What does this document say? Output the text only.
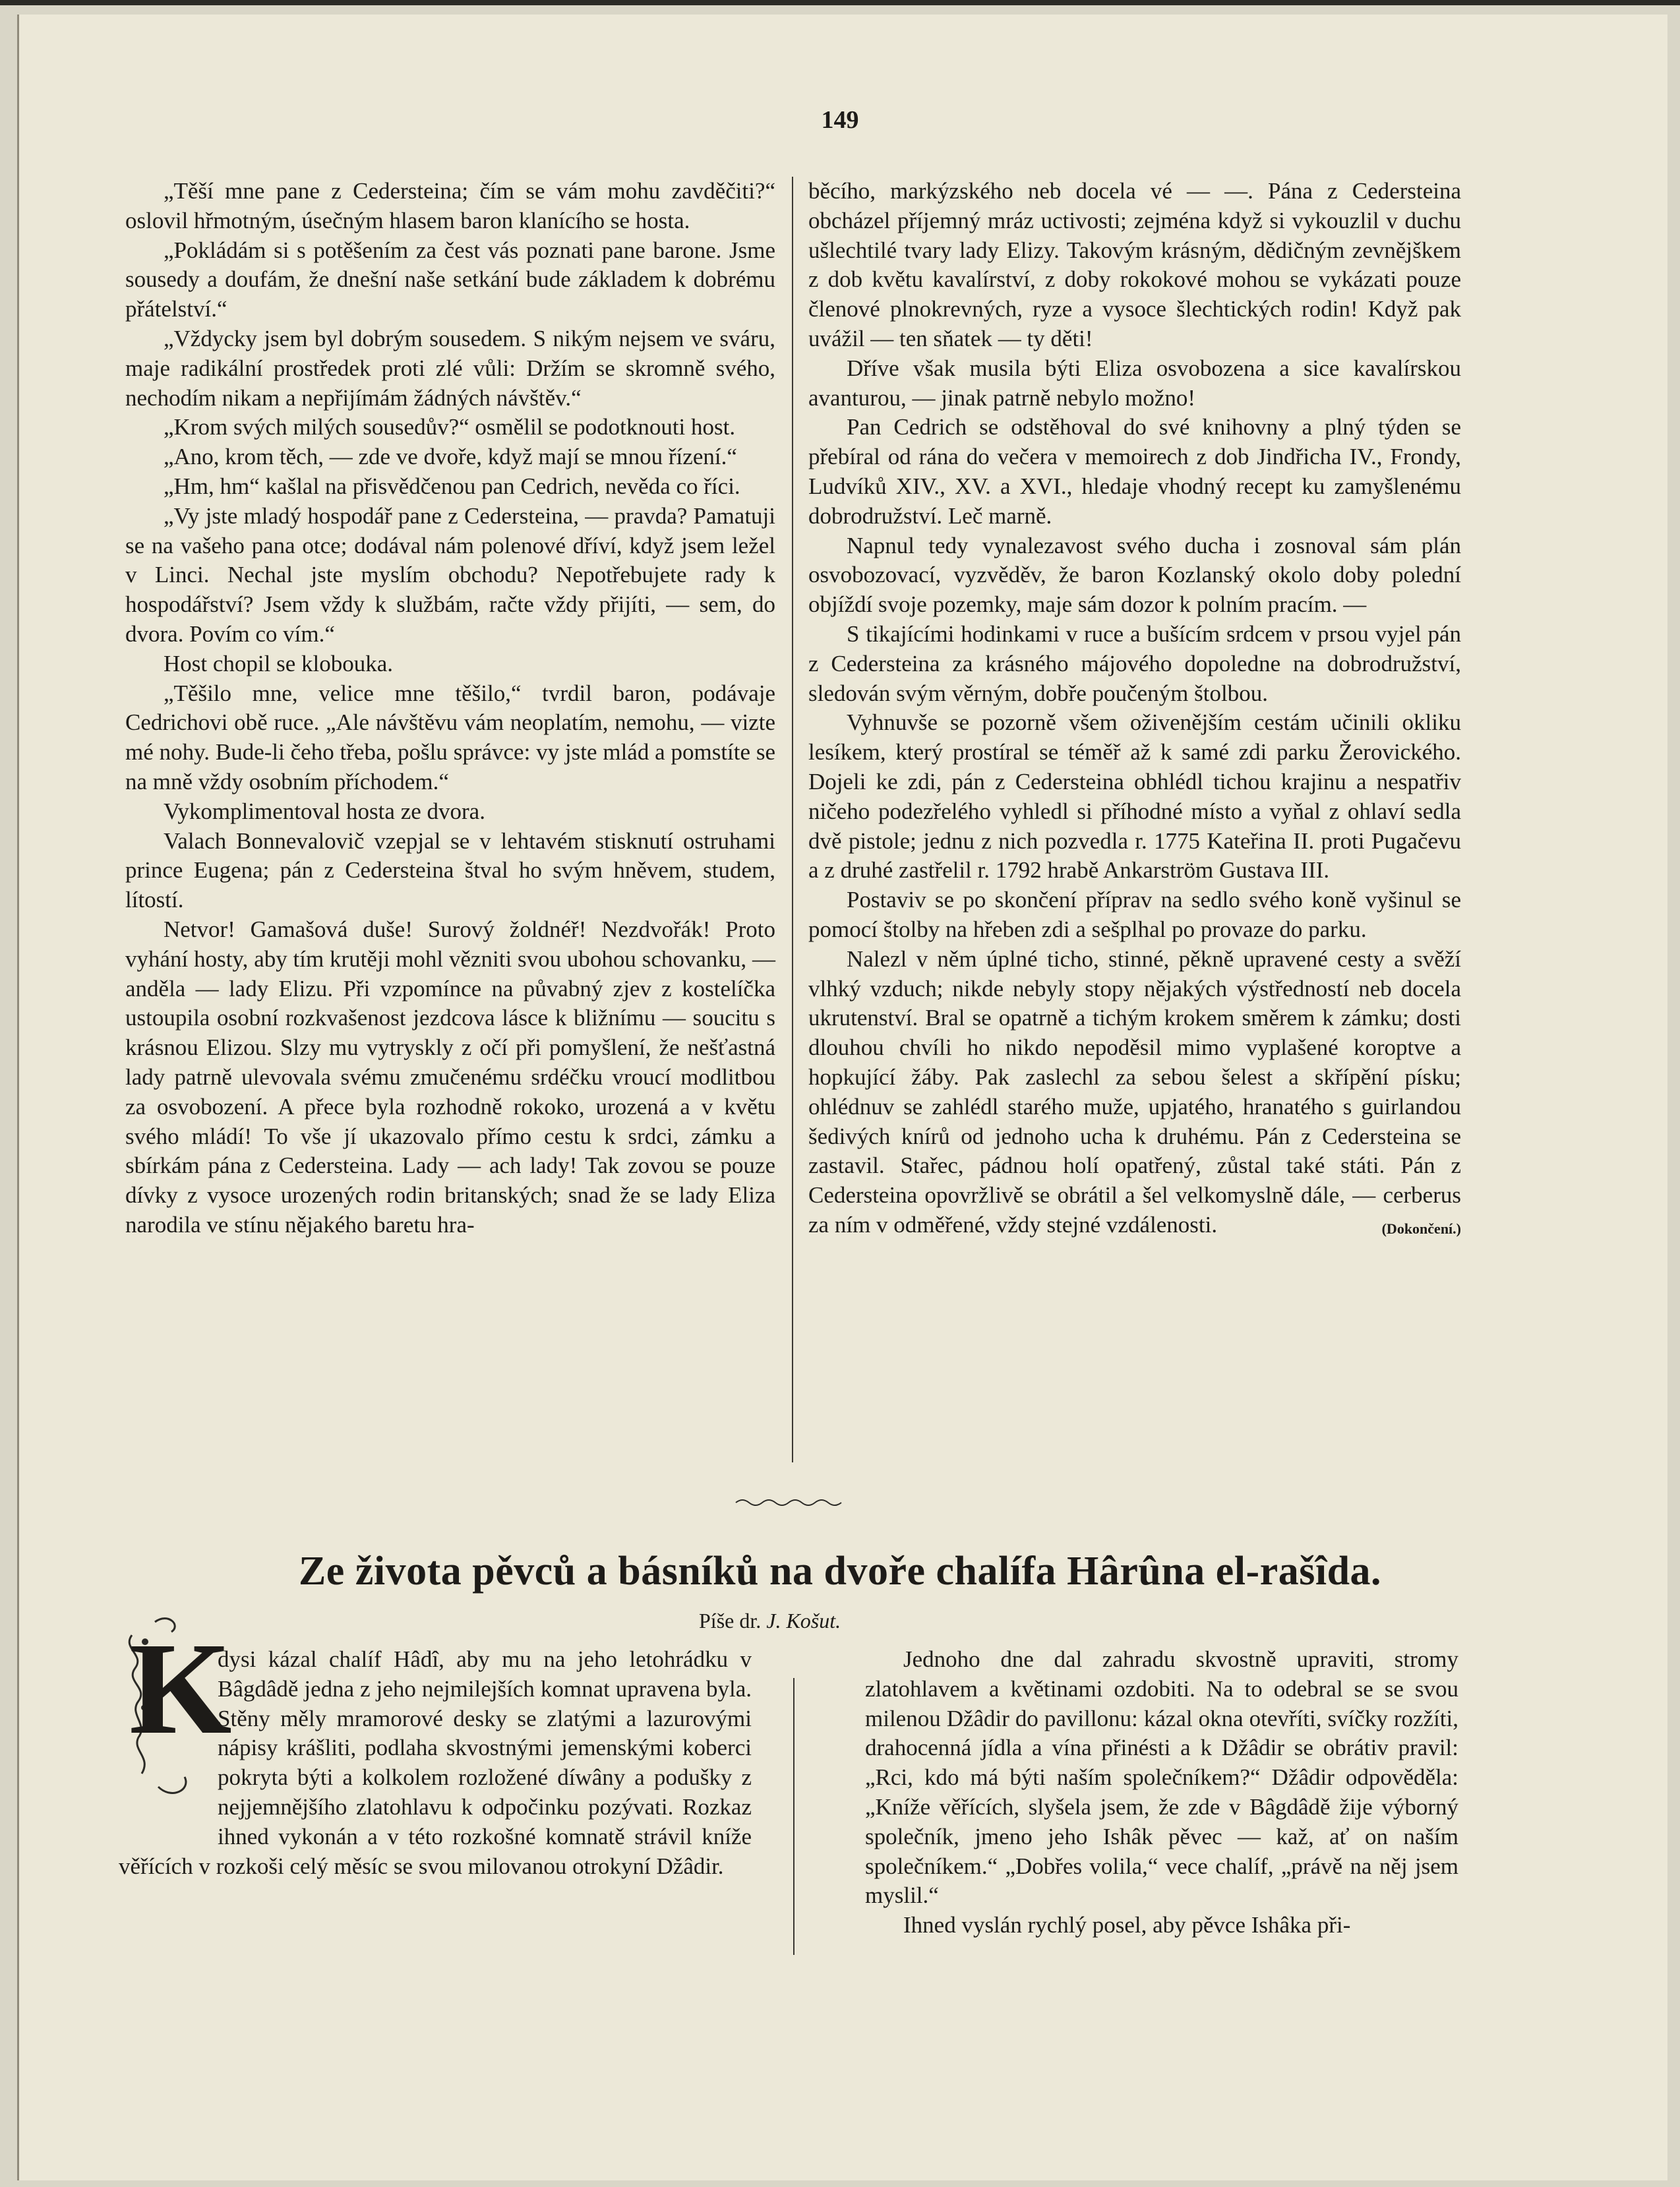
149

„Těší mne pane z Cedersteina; čím se vám mohu zavděčiti?“ oslovil hřmotným, úsečným hlasem baron klanícího se hosta.

„Pokládám si s potěšením za čest vás poznati pane barone. Jsme sousedy a doufám, že dnešní naše setkání bude základem k dobrému přátelství.“

„Vždycky jsem byl dobrým sousedem. S nikým nejsem ve sváru, maje radikální prostředek proti zlé vůli: Držím se skromně svého, nechodím nikam a nepřijímám žádných návštěv.“

„Krom svých milých sousedův?“ osmělil se podotknouti host.

„Ano, krom těch, — zde ve dvoře, když mají se mnou řízení.“

„Hm, hm“ kašlal na přisvědčenou pan Cedrich, nevěda co říci.

„Vy jste mladý hospodář pane z Cedersteina, — pravda? Pamatuji se na vašeho pana otce; dodával nám polenové dříví, když jsem ležel v Linci. Nechal jste myslím obchodu? Nepotřebujete rady k hospodářství? Jsem vždy k službám, račte vždy přijíti, — sem, do dvora. Povím co vím.“

Host chopil se klobouka.

„Těšilo mne, velice mne těšilo,“ tvrdil baron, podávaje Cedrichovi obě ruce. „Ale návštěvu vám neoplatím, nemohu, — vizte mé nohy. Bude-li čeho třeba, pošlu správce: vy jste mlád a pomstíte se na mně vždy osobním příchodem.“

Vykomplimentoval hosta ze dvora.

Valach Bonnevalovič vzepjal se v lehtavém stisknutí ostruhami prince Eugena; pán z Cedersteina štval ho svým hněvem, studem, lítostí.

Netvor! Gamašová duše! Surový žoldnéř! Nezdvořák! Proto vyhání hosty, aby tím krutěji mohl vězniti svou ubohou schovanku, — anděla — lady Elizu. Při vzpomínce na půvabný zjev z kostelíčka ustoupila osobní rozkvašenost jezdcova lásce k bližnímu — soucitu s krásnou Elizou. Slzy mu vytryskly z očí při pomyšlení, že nešťastná lady patrně ulevovala svému zmučenému srdéčku vroucí modlitbou za osvobození. A přece byla rozhodně rokoko, urozená a v květu svého mládí! To vše jí ukazovalo přímo cestu k srdci, zámku a sbírkám pána z Cedersteina. Lady — ach lady! Tak zovou se pouze dívky z vysoce urozených rodin britanských; snad že se lady Eliza narodila ve stínu nějakého baretu hra-

běcího, markýzského neb docela vé — —. Pána z Cedersteina obcházel příjemný mráz uctivosti; zejména když si vykouzlil v duchu ušlechtilé tvary lady Elizy. Takovým krásným, dědičným zevnějškem z dob květu kavalírství, z doby rokokové mohou se vykázati pouze členové plnokrevných, ryze a vysoce šlechtických rodin! Když pak uvážil — ten sňatek — ty děti!

Dříve však musila býti Eliza osvobozena a sice kavalírskou avanturou, — jinak patrně nebylo možno!

Pan Cedrich se odstěhoval do své knihovny a plný týden se přebíral od rána do večera v memoirech z dob Jindřicha IV., Frondy, Ludvíků XIV., XV. a XVI., hledaje vhodný recept ku zamyšlenému dobrodružství. Leč marně.

Napnul tedy vynalezavost svého ducha i zosnoval sám plán osvobozovací, vyzvěděv, že baron Kozlanský okolo doby polední objíždí svoje pozemky, maje sám dozor k polním pracím. —

S tikajícími hodinkami v ruce a bušícím srdcem v prsou vyjel pán z Cedersteina za krásného májového dopoledne na dobrodružství, sledován svým věrným, dobře poučeným štolbou.

Vyhnuvše se pozorně všem oživenějším cestám učinili okliku lesíkem, který prostíral se téměř až k samé zdi parku Žerovického. Dojeli ke zdi, pán z Cedersteina obhlédl tichou krajinu a nespatřiv ničeho podezřelého vyhledl si příhodné místo a vyňal z ohlaví sedla dvě pistole; jednu z nich pozvedla r. 1775 Kateřina II. proti Pugačevu a z druhé zastřelil r. 1792 hrabě Ankarström Gustava III.

Postaviv se po skončení příprav na sedlo svého koně vyšinul se pomocí štolby na hřeben zdi a sešplhal po provaze do parku.

Nalezl v něm úplné ticho, stinné, pěkně upravené cesty a svěží vlhký vzduch; nikde nebyly stopy nějakých výstředností neb docela ukrutenství. Bral se opatrně a tichým krokem směrem k zámku; dosti dlouhou chvíli ho nikdo nepoděsil mimo vyplašené koroptve a hopkující žáby. Pak zaslechl za sebou šelest a skřípění písku; ohlédnuv se zahlédl starého muže, upjatého, hranatého s guirlandou šedivých knírů od jednoho ucha k druhému. Pán z Cedersteina se zastavil. Stařec, pádnou holí opatřený, zůstal také státi. Pán z Cedersteina opovržlivě se obrátil a šel velkomyslně dále, — cerberus za ním v odměřené, vždy stejné vzdálenosti.	(Dokončení.)

Ze života pěvců a básníků na dvoře chalífa Hârûna el-rašîda.
Píše dr. J. Košut.
K

dysi kázal chalíf Hâdî, aby mu na jeho letohrádku v Bâgdâdě jedna z jeho nejmilejších komnat upravena byla. Stěny měly mramorové desky se zlatými a lazurovými nápisy krášliti, podlaha skvostnými jemenskými koberci pokryta býti a kolkolem rozložené díwâny a podušky z nejjemnějšího zlatohlavu k odpočinku pozývati. Rozkaz ihned vykonán a v této rozkošné komnatě strávil kníže věřících v rozkoši celý měsíc se svou milovanou otrokyní Džâdir.

Jednoho dne dal zahradu skvostně upraviti, stromy zlatohlavem a květinami ozdobiti. Na to odebral se se svou milenou Džâdir do pavillonu: kázal okna otevříti, svíčky rozžíti, drahocenná jídla a vína přinésti a k Džâdir se obrátiv pravil: „Rci, kdo má býti naším společníkem?“ Džâdir odpověděla: „Kníže věřících, slyšela jsem, že zde v Bâgdâdě žije výborný společník, jmeno jeho Ishâk pěvec — kaž, ať on naším společníkem.“ „Dobřes volila,“ vece chalíf, „právě na něj jsem myslil.“

Ihned vyslán rychlý posel, aby pěvce Ishâka při-
